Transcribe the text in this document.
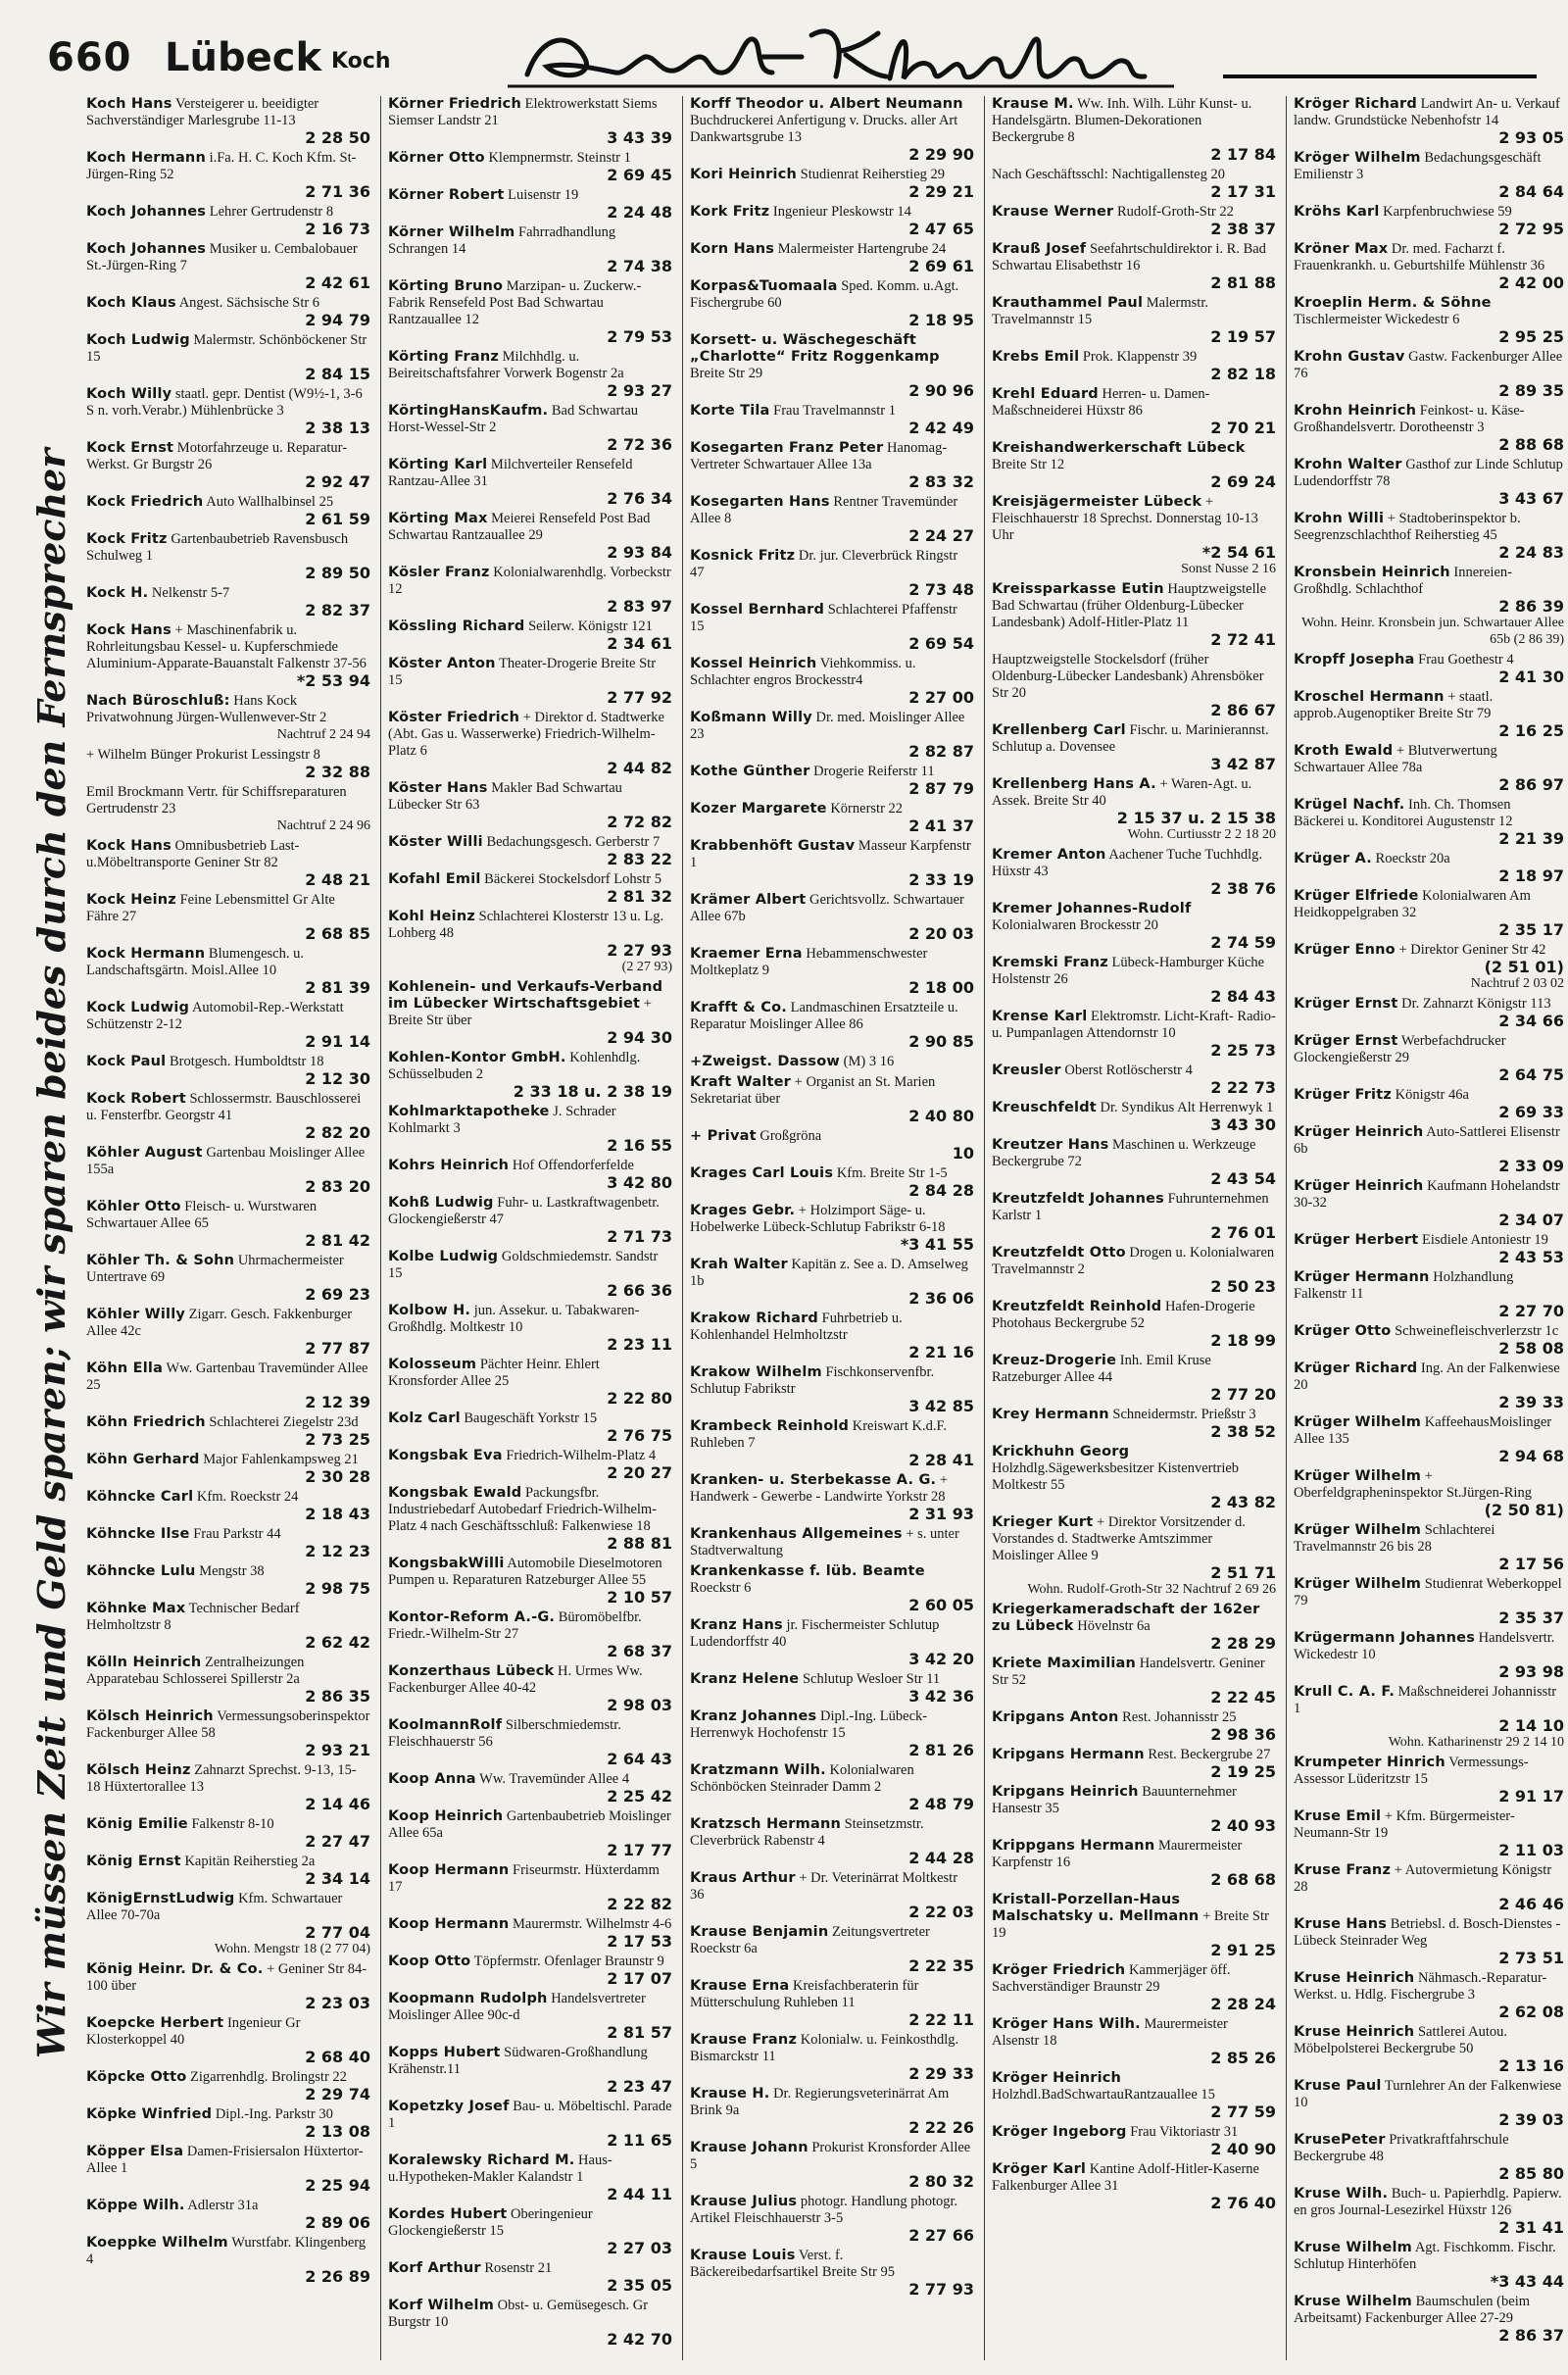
660 Lübeck Koch
Wir müssen Zeit und Geld sparen; wir sparen beides durch den Fernsprecher
Koch Hans Versteigerer u. beeidigter Sachverständiger Marlesgrube 11-13
2 28 50
Koch Hermann i.Fa. H. C. Koch Kfm. St-Jürgen-Ring 52
2 71 36
Koch Johannes Lehrer Gertrudenstr 8
2 16 73
Koch Johannes Musiker u. Cembalobauer St.-Jürgen-Ring 7
2 42 61
Koch Klaus Angest. Sächsische Str 6
2 94 79
Koch Ludwig Malermstr. Schönböckener Str 15
2 84 15
Koch Willy staatl. gepr. Dentist (W9½-1, 3-6 S n. vorh.Verabr.) Mühlenbrücke 3
2 38 13
Kock Ernst Motorfahrzeuge u. Reparatur-Werkst. Gr Burgstr 26
2 92 47
Kock Friedrich Auto Wallhalbinsel 25
2 61 59
Kock Fritz Gartenbaubetrieb Ravensbusch Schulweg 1
2 89 50
Kock H. Nelkenstr 5-7
2 82 37
Kock Hans + Maschinenfabrik u. Rohrleitungsbau Kessel- u. Kupferschmiede Aluminium-Apparate-Bauanstalt Falkenstr 37-56
*2 53 94
Nach Büroschluß: Hans Kock Privatwohnung Jürgen-Wullenwever-Str 2
Nachtruf 2 24 94
+ Wilhelm Bünger Prokurist Lessingstr 8
2 32 88
Emil Brockmann Vertr. für Schiffsreparaturen Gertrudenstr 23
Nachtruf 2 24 96
Kock Hans Omnibusbetrieb Last- u.Möbeltransporte Geniner Str 82
2 48 21
Kock Heinz Feine Lebensmittel Gr Alte Fähre 27
2 68 85
Kock Hermann Blumengesch. u. Landschaftsgärtn. Moisl.Allee 10
2 81 39
Kock Ludwig Automobil-Rep.-Werkstatt Schützenstr 2-12
2 91 14
Kock Paul Brotgesch. Humboldtstr 18
2 12 30
Kock Robert Schlossermstr. Bauschlosserei u. Fensterfbr. Georgstr 41
2 82 20
Köhler August Gartenbau Moislinger Allee 155a
2 83 20
Köhler Otto Fleisch- u. Wurstwaren Schwartauer Allee 65
2 81 42
Köhler Th. & Sohn Uhrmachermeister Untertrave 69
2 69 23
Köhler Willy Zigarr. Gesch. Fakkenburger Allee 42c
2 77 87
Köhn Ella Ww. Gartenbau Travemünder Allee 25
2 12 39
Köhn Friedrich Schlachterei Ziegelstr 23d
2 73 25
Köhn Gerhard Major Fahlenkampsweg 21
2 30 28
Köhncke Carl Kfm. Roeckstr 24
2 18 43
Köhncke Ilse Frau Parkstr 44
2 12 23
Köhncke Lulu Mengstr 38
2 98 75
Köhnke Max Technischer Bedarf Helmholtzstr 8
2 62 42
Kölln Heinrich Zentralheizungen Apparatebau Schlosserei Spillerstr 2a
2 86 35
Kölsch Heinrich Vermessungsoberinspektor Fackenburger Allee 58
2 93 21
Kölsch Heinz Zahnarzt Sprechst. 9-13, 15-18 Hüxtertorallee 13
2 14 46
König Emilie Falkenstr 8-10
2 27 47
König Ernst Kapitän Reiherstieg 2a
2 34 14
KönigErnstLudwig Kfm. Schwartauer Allee 70-70a
2 77 04
Wohn. Mengstr 18 (2 77 04)
König Heinr. Dr. & Co. + Geniner Str 84-100 über
2 23 03
Koepcke Herbert Ingenieur Gr Klosterkoppel 40
2 68 40
Köpcke Otto Zigarrenhdlg. Brolingstr 22
2 29 74
Köpke Winfried Dipl.-Ing. Parkstr 30
2 13 08
Köpper Elsa Damen-Frisiersalon Hüxtertor-Allee 1
2 25 94
Köppe Wilh. Adlerstr 31a
2 89 06
Koeppke Wilhelm Wurstfabr. Klingenberg 4
2 26 89
Körner Friedrich Elektrowerkstatt Siems Siemser Landstr 21
3 43 39
Körner Otto Klempnermstr. Steinstr 1
2 69 45
Körner Robert Luisenstr 19
2 24 48
Körner Wilhelm Fahrradhandlung Schrangen 14
2 74 38
Körting Bruno Marzipan- u. Zuckerw.-Fabrik Rensefeld Post Bad Schwartau Rantzauallee 12
2 79 53
Körting Franz Milchhdlg. u. Beireitschaftsfahrer Vorwerk Bogenstr 2a
2 93 27
KörtingHansKaufm. Bad Schwartau Horst-Wessel-Str 2
2 72 36
Körting Karl Milchverteiler Rensefeld Rantzau-Allee 31
2 76 34
Körting Max Meierei Rensefeld Post Bad Schwartau Rantzauallee 29
2 93 84
Kösler Franz Kolonialwarenhdlg. Vorbeckstr 12
2 83 97
Kössling Richard Seilerw. Königstr 121
2 34 61
Köster Anton Theater-Drogerie Breite Str 15
2 77 92
Köster Friedrich + Direktor d. Stadtwerke (Abt. Gas u. Wasserwerke) Friedrich-Wilhelm-Platz 6
2 44 82
Köster Hans Makler Bad Schwartau Lübecker Str 63
2 72 82
Köster Willi Bedachungsgesch. Gerberstr 7
2 83 22
Kofahl Emil Bäckerei Stockelsdorf Lohstr 5
2 81 32
Kohl Heinz Schlachterei Klosterstr 13 u. Lg. Lohberg 48
2 27 93
(2 27 93)
Kohlenein- und Verkaufs-Verband im Lübecker Wirtschaftsgebiet + Breite Str über
2 94 30
Kohlen-Kontor GmbH. Kohlenhdlg. Schüsselbuden 2
2 33 18 u. 2 38 19
Kohlmarktapotheke J. Schrader Kohlmarkt 3
2 16 55
Kohrs Heinrich Hof Offendorferfelde
3 42 80
Kohß Ludwig Fuhr- u. Lastkraftwagenbetr. Glockengießerstr 47
2 71 73
Kolbe Ludwig Goldschmiedemstr. Sandstr 15
2 66 36
Kolbow H. jun. Assekur. u. Tabakwaren-Großhdlg. Moltkestr 10
2 23 11
Kolosseum Pächter Heinr. Ehlert Kronsforder Allee 25
2 22 80
Kolz Carl Baugeschäft Yorkstr 15
2 76 75
Kongsbak Eva Friedrich-Wilhelm-Platz 4
2 20 27
Kongsbak Ewald Packungsfbr. Industriebedarf Autobedarf Friedrich-Wilhelm-Platz 4 nach Geschäftsschluß: Falkenwiese 18
2 88 81
KongsbakWilli Automobile Dieselmotoren Pumpen u. Reparaturen Ratzeburger Allee 55
2 10 57
Kontor-Reform A.-G. Büromöbelfbr. Friedr.-Wilhelm-Str 27
2 68 37
Konzerthaus Lübeck H. Urmes Ww. Fackenburger Allee 40-42
2 98 03
KoolmannRolf Silberschmiedemstr. Fleischhauerstr 56
2 64 43
Koop Anna Ww. Travemünder Allee 4
2 25 42
Koop Heinrich Gartenbaubetrieb Moislinger Allee 65a
2 17 77
Koop Hermann Friseurmstr. Hüxterdamm 17
2 22 82
Koop Hermann Maurermstr. Wilhelmstr 4-6
2 17 53
Koop Otto Töpfermstr. Ofenlager Braunstr 9
2 17 07
Koopmann Rudolph Handelsvertreter Moislinger Allee 90c-d
2 81 57
Kopps Hubert Südwaren-Großhandlung Krähenstr.11
2 23 47
Kopetzky Josef Bau- u. Möbeltischl. Parade 1
2 11 65
Koralewsky Richard M. Haus- u.Hypotheken-Makler Kalandstr 1
2 44 11
Kordes Hubert Oberingenieur Glockengießerstr 15
2 27 03
Korf Arthur Rosenstr 21
2 35 05
Korf Wilhelm Obst- u. Gemüsegesch. Gr Burgstr 10
2 42 70
Korff Theodor u. Albert Neumann Buchdruckerei Anfertigung v. Drucks. aller Art Dankwartsgrube 13
2 29 90
Kori Heinrich Studienrat Reiherstieg 29
2 29 21
Kork Fritz Ingenieur Pleskowstr 14
2 47 65
Korn Hans Malermeister Hartengrube 24
2 69 61
Korpas&Tuomaala Sped. Komm. u.Agt. Fischergrube 60
2 18 95
Korsett- u. Wäschegeschäft „Charlotte“ Fritz Roggenkamp Breite Str 29
2 90 96
Korte Tila Frau Travelmannstr 1
2 42 49
Kosegarten Franz Peter Hanomag-Vertreter Schwartauer Allee 13a
2 83 32
Kosegarten Hans Rentner Travemünder Allee 8
2 24 27
Kosnick Fritz Dr. jur. Cleverbrück Ringstr 47
2 73 48
Kossel Bernhard Schlachterei Pfaffenstr 15
2 69 54
Kossel Heinrich Viehkommiss. u. Schlachter engros Brockesstr4
2 27 00
Koßmann Willy Dr. med. Moislinger Allee 23
2 82 87
Kothe Günther Drogerie Reiferstr 11
2 87 79
Kozer Margarete Körnerstr 22
2 41 37
Krabbenhöft Gustav Masseur Karpfenstr 1
2 33 19
Krämer Albert Gerichtsvollz. Schwartauer Allee 67b
2 20 03
Kraemer Erna Hebammenschwester Moltkeplatz 9
2 18 00
Krafft & Co. Landmaschinen Ersatzteile u. Reparatur Moislinger Allee 86
2 90 85
+Zweigst. Dassow (M) 3 16
Kraft Walter + Organist an St. Marien Sekretariat über
2 40 80
+ Privat Großgröna
10
Krages Carl Louis Kfm. Breite Str 1-5
2 84 28
Krages Gebr. + Holzimport Säge- u. Hobelwerke Lübeck-Schlutup Fabrikstr 6-18
*3 41 55
Krah Walter Kapitän z. See a. D. Amselweg 1b
2 36 06
Krakow Richard Fuhrbetrieb u. Kohlenhandel Helmholtzstr
2 21 16
Krakow Wilhelm Fischkonservenfbr. Schlutup Fabrikstr
3 42 85
Krambeck Reinhold Kreiswart K.d.F. Ruhleben 7
2 28 41
Kranken- u. Sterbekasse A. G. + Handwerk - Gewerbe - Landwirte Yorkstr 28
2 31 93
Krankenhaus Allgemeines + s. unter Stadtverwaltung
Krankenkasse f. lüb. Beamte Roeckstr 6
2 60 05
Kranz Hans jr. Fischermeister Schlutup Ludendorffstr 40
3 42 20
Kranz Helene Schlutup Wesloer Str 11
3 42 36
Kranz Johannes Dipl.-Ing. Lübeck-Herrenwyk Hochofenstr 15
2 81 26
Kratzmann Wilh. Kolonialwaren Schönböcken Steinrader Damm 2
2 48 79
Kratzsch Hermann Steinsetzmstr. Cleverbrück Rabenstr 4
2 44 28
Kraus Arthur + Dr. Veterinärrat Moltkestr 36
2 22 03
Krause Benjamin Zeitungsvertreter Roeckstr 6a
2 22 35
Krause Erna Kreisfachberaterin für Mütterschulung Ruhleben 11
2 22 11
Krause Franz Kolonialw. u. Feinkosthdlg. Bismarckstr 11
2 29 33
Krause H. Dr. Regierungsveterinärrat Am Brink 9a
2 22 26
Krause Johann Prokurist Kronsforder Allee 5
2 80 32
Krause Julius photogr. Handlung photogr. Artikel Fleischhauerstr 3-5
2 27 66
Krause Louis Verst. f. Bäckereibedarfsartikel Breite Str 95
2 77 93
Krause M. Ww. Inh. Wilh. Lühr Kunst- u. Handelsgärtn. Blumen-Dekorationen Beckergrube 8
2 17 84
Nach Geschäftsschl: Nachtigallensteg 20
2 17 31
Krause Werner Rudolf-Groth-Str 22
2 38 37
Krauß Josef Seefahrtschuldirektor i. R. Bad Schwartau Elisabethstr 16
2 81 88
Krauthammel Paul Malermstr. Travelmannstr 15
2 19 57
Krebs Emil Prok. Klappenstr 39
2 82 18
Krehl Eduard Herren- u. Damen-Maßschneiderei Hüxstr 86
2 70 21
Kreishandwerkerschaft Lübeck Breite Str 12
2 69 24
Kreisjägermeister Lübeck + Fleischhauerstr 18 Sprechst. Donnerstag 10-13 Uhr
*2 54 61
Sonst Nusse 2 16
Kreissparkasse Eutin Hauptzweigstelle Bad Schwartau (früher Oldenburg-Lübecker Landesbank) Adolf-Hitler-Platz 11
2 72 41
Hauptzweigstelle Stockelsdorf (früher Oldenburg-Lübecker Landesbank) Ahrensböker Str 20
2 86 67
Krellenberg Carl Fischr. u. Marinierannst. Schlutup a. Dovensee
3 42 87
Krellenberg Hans A. + Waren-Agt. u. Assek. Breite Str 40
2 15 37 u. 2 15 38
Wohn. Curtiusstr 2 2 18 20
Kremer Anton Aachener Tuche Tuchhdlg. Hüxstr 43
2 38 76
Kremer Johannes-Rudolf Kolonialwaren Brockesstr 20
2 74 59
Kremski Franz Lübeck-Hamburger Küche Holstenstr 26
2 84 43
Krense Karl Elektromstr. Licht-Kraft- Radio- u. Pumpanlagen Attendornstr 10
2 25 73
Kreusler Oberst Rotlöscherstr 4
2 22 73
Kreuschfeldt Dr. Syndikus Alt Herrenwyk 1
3 43 30
Kreutzer Hans Maschinen u. Werkzeuge Beckergrube 72
2 43 54
Kreutzfeldt Johannes Fuhrunternehmen Karlstr 1
2 76 01
Kreutzfeldt Otto Drogen u. Kolonialwaren Travelmannstr 2
2 50 23
Kreutzfeldt Reinhold Hafen-Drogerie Photohaus Beckergrube 52
2 18 99
Kreuz-Drogerie Inh. Emil Kruse Ratzeburger Allee 44
2 77 20
Krey Hermann Schneidermstr. Prießstr 3
2 38 52
Krickhuhn Georg Holzhdlg.Sägewerksbesitzer Kistenvertrieb Moltkestr 55
2 43 82
Krieger Kurt + Direktor Vorsitzender d. Vorstandes d. Stadtwerke Amtszimmer Moislinger Allee 9
2 51 71
Wohn. Rudolf-Groth-Str 32 Nachtruf 2 69 26
Kriegerkameradschaft der 162er zu Lübeck Hövelnstr 6a
2 28 29
Kriete Maximilian Handelsvertr. Geniner Str 52
2 22 45
Kripgans Anton Rest. Johannisstr 25
2 98 36
Kripgans Hermann Rest. Beckergrube 27
2 19 25
Kripgans Heinrich Bauunternehmer Hansestr 35
2 40 93
Krippgans Hermann Maurermeister Karpfenstr 16
2 68 68
Kristall-Porzellan-Haus Malschatsky u. Mellmann + Breite Str 19
2 91 25
Kröger Friedrich Kammerjäger öff. Sachverständiger Braunstr 29
2 28 24
Kröger Hans Wilh. Maurermeister Alsenstr 18
2 85 26
Kröger Heinrich Holzhdl.BadSchwartauRantzauallee 15
2 77 59
Kröger Ingeborg Frau Viktoriastr 31
2 40 90
Kröger Karl Kantine Adolf-Hitler-Kaserne Falkenburger Allee 31
2 76 40
Kröger Richard Landwirt An- u. Verkauf landw. Grundstücke Nebenhofstr 14
2 93 05
Kröger Wilhelm Bedachungsgeschäft Emilienstr 3
2 84 64
Kröhs Karl Karpfenbruchwiese 59
2 72 95
Kröner Max Dr. med. Facharzt f. Frauenkrankh. u. Geburtshilfe Mühlenstr 36
2 42 00
Kroeplin Herm. & Söhne Tischlermeister Wickedestr 6
2 95 25
Krohn Gustav Gastw. Fackenburger Allee 76
2 89 35
Krohn Heinrich Feinkost- u. Käse-Großhandelsvertr. Dorotheenstr 3
2 88 68
Krohn Walter Gasthof zur Linde Schlutup Ludendorffstr 78
3 43 67
Krohn Willi + Stadtoberinspektor b. Seegrenzschlachthof Reiherstieg 45
2 24 83
Kronsbein Heinrich Innereien-Großhdlg. Schlachthof
2 86 39
Wohn. Heinr. Kronsbein jun. Schwartauer Allee 65b (2 86 39)
Kropff Josepha Frau Goethestr 4
2 41 30
Kroschel Hermann + staatl. approb.Augenoptiker Breite Str 79
2 16 25
Kroth Ewald + Blutverwertung Schwartauer Allee 78a
2 86 97
Krügel Nachf. Inh. Ch. Thomsen Bäckerei u. Konditorei Augustenstr 12
2 21 39
Krüger A. Roeckstr 20a
2 18 97
Krüger Elfriede Kolonialwaren Am Heidkoppelgraben 32
2 35 17
Krüger Enno + Direktor Geniner Str 42
(2 51 01)
Nachtruf 2 03 02
Krüger Ernst Dr. Zahnarzt Königstr 113
2 34 66
Krüger Ernst Werbefachdrucker Glockengießerstr 29
2 64 75
Krüger Fritz Königstr 46a
2 69 33
Krüger Heinrich Auto-Sattlerei Elisenstr 6b
2 33 09
Krüger Heinrich Kaufmann Hohelandstr 30-32
2 34 07
Krüger Herbert Eisdiele Antoniestr 19
2 43 53
Krüger Hermann Holzhandlung Falkenstr 11
2 27 70
Krüger Otto Schweinefleischverlerzstr 1c
2 58 08
Krüger Richard Ing. An der Falkenwiese 20
2 39 33
Krüger Wilhelm KaffeehausMoislinger Allee 135
2 94 68
Krüger Wilhelm + Oberfeldgrapheninspektor St.Jürgen-Ring
(2 50 81)
Krüger Wilhelm Schlachterei Travelmannstr 26 bis 28
2 17 56
Krüger Wilhelm Studienrat Weberkoppel 79
2 35 37
Krügermann Johannes Handelsvertr. Wickedestr 10
2 93 98
Krull C. A. F. Maßschneiderei Johannisstr 1
2 14 10
Wohn. Katharinenstr 29 2 14 10
Krumpeter Hinrich Vermessungs-Assessor Lüderitzstr 15
2 91 17
Kruse Emil + Kfm. Bürgermeister-Neumann-Str 19
2 11 03
Kruse Franz + Autovermietung Königstr 28
2 46 46
Kruse Hans Betriebsl. d. Bosch-Dienstes - Lübeck Steinrader Weg
2 73 51
Kruse Heinrich Nähmasch.-Reparatur-Werkst. u. Hdlg. Fischergrube 3
2 62 08
Kruse Heinrich Sattlerei Autou. Möbelpolsterei Beckergrube 50
2 13 16
Kruse Paul Turnlehrer An der Falkenwiese 10
2 39 03
KrusePeter Privatkraftfahrschule Beckergrube 48
2 85 80
Kruse Wilh. Buch- u. Papierhdlg. Papierw. en gros Journal-Lesezirkel Hüxstr 126
2 31 41
Kruse Wilhelm Agt. Fischkomm. Fischr. Schlutup Hinterhöfen
*3 43 44
Kruse Wilhelm Baumschulen (beim Arbeitsamt) Fackenburger Allee 27-29
2 86 37
